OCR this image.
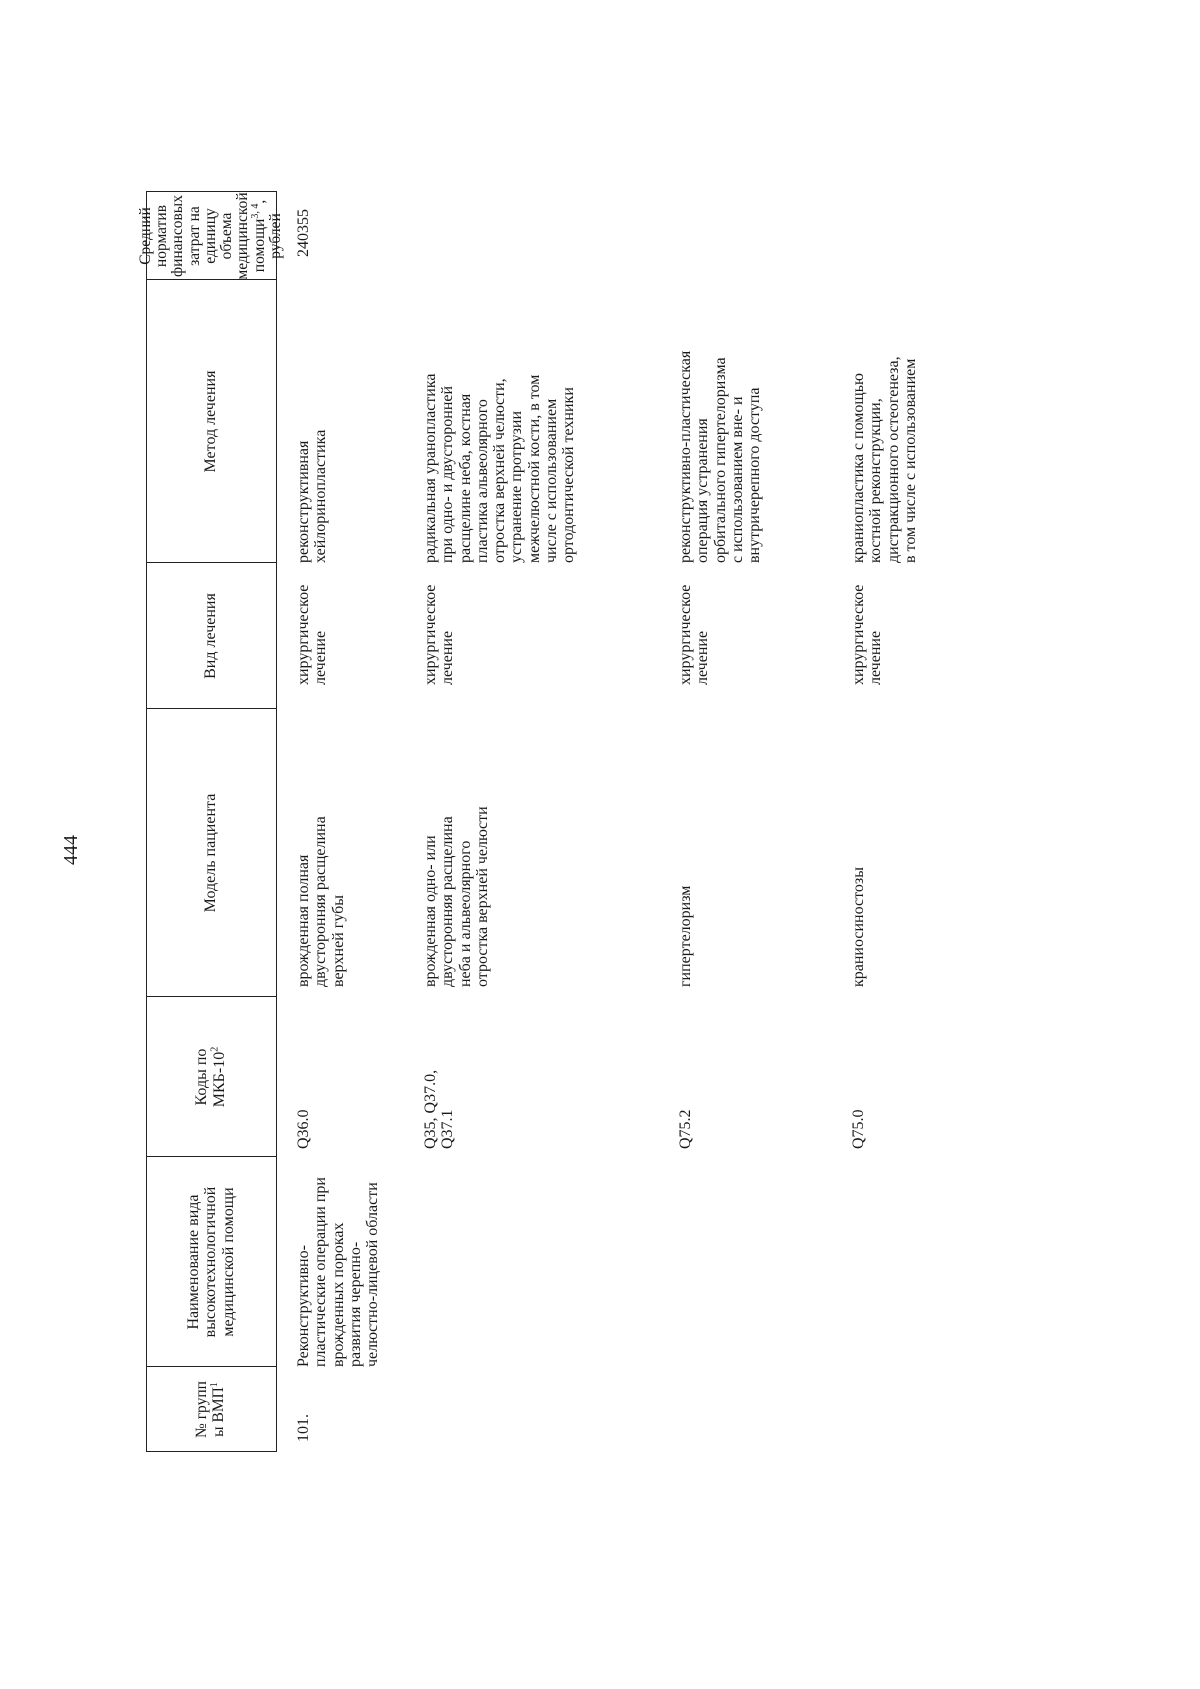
444
№ групп ы ВМП$^1$
Наименование вида высокотехнологичной медицинской помощи
Коды по МКБ-$10^2$
Модель пациента
Вид лечения
Метод лечения
Средний норматив финансовых затрат на единицу объема медицинской помощи$^{3, 4}$, рублей
101.
Реконструктивно-
пластические операции при
врожденных пороках
развития черепно-
челюстно-лицевой области
240355
Q36.0
врожденная полная
двусторонняя расщелина
верхней губы
хирургическое
лечение
реконструктивная
хейлоринопластика
Q35, Q37.0,
Q37.1
врожденная одно- или
двусторонняя расщелина
неба и альвеолярного
отростка верхней челюсти
хирургическое
лечение
радикальная уранопластика
при одно- и двусторонней
расщелине неба, костная
пластика альвеолярного
отростка верхней челюсти,
устранение протрузии
межчелюстной кости, в том
числе с использованием
ортодонтической техники
Q75.2
гипертелоризм
хирургическое
лечение
реконструктивно-пластическая
операция устранения
орбитального гипертелоризма
с использованием вне- и
внутричерепного доступа
Q75.0
краниосиностозы
хирургическое
лечение
краниопластика с помощью
костной реконструкции,
дистракционного остеогенеза,
в том числе с использованием
